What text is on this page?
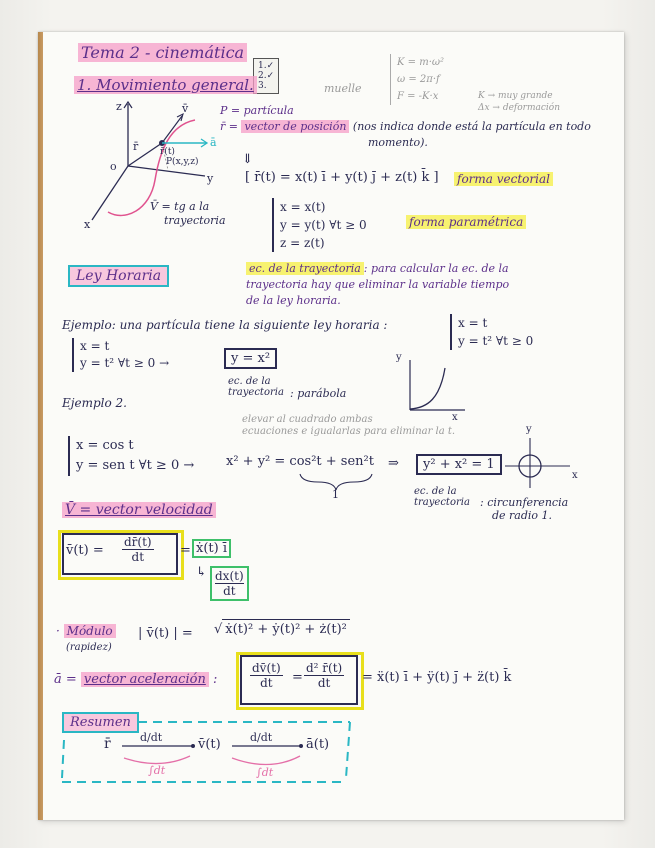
Tema 2 - cinemática
1.✓
2.✓
3.
1. Movimiento general.	muelle
K = m·ω²
ω = 2π·f
F = -K·x	K → muy grande
Δx → deformación
z
y
x
o
r̄
v̄
ā
r̄(t)
P(x,y,z)
V̄ = tg a la
trayectoria
P = partícula
r̄ = vector de posición (nos indica donde está la partícula en todo
momento).
⇓
[ r̄(t) = x(t) ī + y(t) j̄ + z(t) k̄ ] forma vectorial
x = x(t)
y = y(t) ∀t ≥ 0
z = z(t)
forma paramétrica
Ley Horaria	ec. de la trayectoria : para calcular la ec. de la
trayectoria hay que eliminar la variable tiempo
de la ley horaria.
Ejemplo: una partícula tiene la siguiente ley horaria :	x = t
y = t² ∀t ≥ 0
x = t
y = t² ∀t ≥ 0 →	y = x²
ec. de la
trayectoria : parábola
y
x
Ejemplo 2.
elevar al cuadrado ambas
ecuaciones e igualarlas para eliminar la t.
x = cos t
y = sen t ∀t ≥ 0 → x² + y² = cos²t + sen²t
1
⇒	y² + x² = 1
ec. de la
trayectoria : circunferencia
de radio 1.
y
x
V̄ = vector velocidad
v̄(t) = $\frac{dr̄(t)}{dt}$ = ẋ(t) ī
↳ $\frac{dx(t)}{dt}$
· Módulo
(rapidez)
| v̄(t) | = √ ẋ(t)² + ẏ(t)² + ż(t)²
ā = vector aceleración :
dv̄(t)
dt	=
d² r̄(t)
dt	= ẍ(t) ī + ÿ(t) j̄ + z̈(t) k̄
Resumen
r̄	d/dt	v̄(t)	d/dt	ā(t)
∫dt	∫dt
